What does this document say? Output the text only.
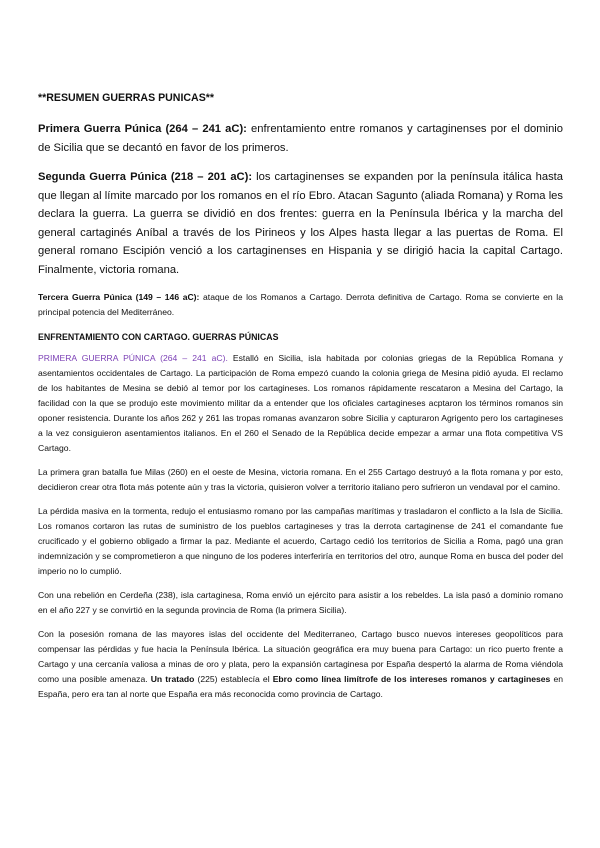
**RESUMEN GUERRAS PUNICAS**

Primera Guerra Púnica (264 – 241 aC): enfrentamiento entre romanos y cartaginenses por el dominio de Sicilia que se decantó en favor de los primeros.

Segunda Guerra Púnica (218 – 201 aC): los cartaginenses se expanden por la península itálica hasta que llegan al límite marcado por los romanos en el río Ebro. Atacan Sagunto (aliada Romana) y Roma les declara la guerra. La guerra se dividió en dos frentes: guerra en la Península Ibérica y la marcha del general cartaginés Aníbal a través de los Pirineos y los Alpes hasta llegar a las puertas de Roma. El general romano Escipión venció a los cartaginenses en Hispania y se dirigió hacia la capital Cartago. Finalmente, victoria romana.

Tercera Guerra Púnica (149 – 146 aC): ataque de los Romanos a Cartago. Derrota definitiva de Cartago. Roma se convierte en la principal potencia del Mediterráneo.

ENFRENTAMIENTO CON CARTAGO. GUERRAS PÚNICAS

PRIMERA GUERRA PÚNICA (264 – 241 aC). Estalló en Sicilia, isla habitada por colonias griegas de la República Romana y asentamientos occidentales de Cartago. La participación de Roma empezó cuando la colonia griega de Mesina pidió ayuda. El reclamo de los habitantes de Mesina se debió al temor por los cartagineses. Los romanos rápidamente rescataron a Mesina del Cartago, la facilidad con la que se produjo este movimiento militar da a entender que los oficiales cartagineses acptaron los términos romanos sin oponer resistencia. Durante los años 262 y 261 las tropas romanas avanzaron sobre Sicilia y capturaron Agrigento pero los cartagineses a la vez consiguieron asentamientos italianos. En el 260 el Senado de la República decide empezar a armar una flota competitiva VS Cartago.

La primera gran batalla fue Milas (260) en el oeste de Mesina, victoria romana. En el 255 Cartago destruyó a la flota romana y por esto, decidieron crear otra flota más potente aún y tras la victoria, quisieron volver a territorio italiano pero sufrieron un vendaval por el camino.

La pérdida masiva en la tormenta, redujo el entusiasmo romano por las campañas marítimas y trasladaron el conflicto a la Isla de Sicilia. Los romanos cortaron las rutas de suministro de los pueblos cartagineses y tras la derrota cartaginense de 241 el comandante fue crucificado y el gobierno obligado a firmar la paz. Mediante el acuerdo, Cartago cedió los territorios de Sicilia a Roma, pagó una gran indemnización y se comprometieron a que ninguno de los poderes interferiría en territorios del otro, aunque Roma en busca del poder del imperio no lo cumplió.

Con una rebelión en Cerdeña (238), isla cartaginesa, Roma envió un ejército para asistir a los rebeldes. La isla pasó a dominio romano en el año 227 y se convirtió en la segunda provincia de Roma (la primera Sicilia).

Con la posesión romana de las mayores islas del occidente del Mediterraneo, Cartago busco nuevos intereses geopolíticos para compensar las pérdidas y fue hacia la Península Ibérica. La situación geográfica era muy buena para Cartago: un rico puerto frente a Cartago y una cercanía valiosa a minas de oro y plata, pero la expansión cartaginesa por España despertó la alarma de Roma viéndola como una posible amenaza. Un tratado (225) establecía el Ebro como línea limítrofe de los intereses romanos y cartagineses en España, pero era tan al norte que España era más reconocida como provincia de Cartago.
